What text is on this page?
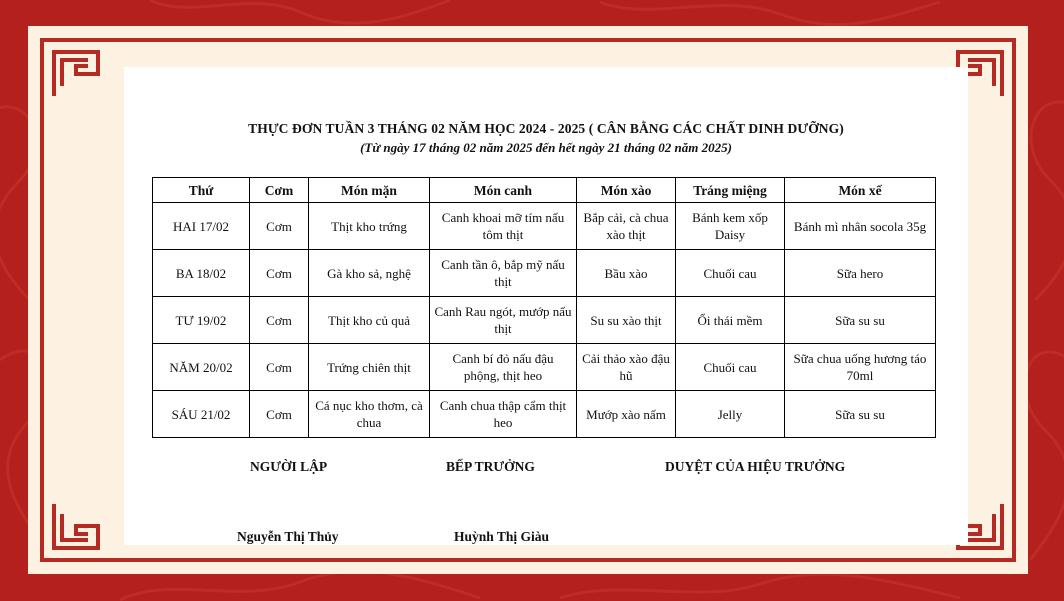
THỰC ĐƠN TUẦN 3 THÁNG 02 NĂM HỌC 2024 - 2025 ( CÂN BẰNG CÁC CHẤT DINH DƯỠNG)
(Từ ngày 17 tháng 02 năm 2025 đến hết ngày 21 tháng 02 năm 2025)
Thứ	Cơm	Món mặn	Món canh	Món xào	Tráng miệng	Món xế
HAI 17/02	Cơm	Thịt kho trứng	Canh khoai mỡ tím nấu tôm thịt	Bắp cải, cà chua xào thịt	Bánh kem xốp Daisy	Bánh mì nhân socola 35g
BA 18/02	Cơm	Gà kho sả, nghệ	Canh tần ô, bắp mỹ nấu thịt	Bầu xào	Chuối cau	Sữa hero
TƯ 19/02	Cơm	Thịt kho củ quả	Canh Rau ngót, mướp nấu thịt	Su su xào thịt	Ổi thái mềm	Sữa su su
NĂM 20/02	Cơm	Trứng chiên thịt	Canh bí đỏ nấu đậu phộng, thịt heo	Cải thảo xào đậu hũ	Chuối cau	Sữa chua uống hương táo 70ml
SÁU 21/02	Cơm	Cá nục kho thơm, cà chua	Canh chua thập cẩm thịt heo	Mướp xào nấm	Jelly	Sữa su su
NGƯỜI LẬP	BẾP TRƯỞNG	DUYỆT CỦA HIỆU TRƯỞNG
Nguyễn Thị Thủy	Huỳnh Thị Giàu
